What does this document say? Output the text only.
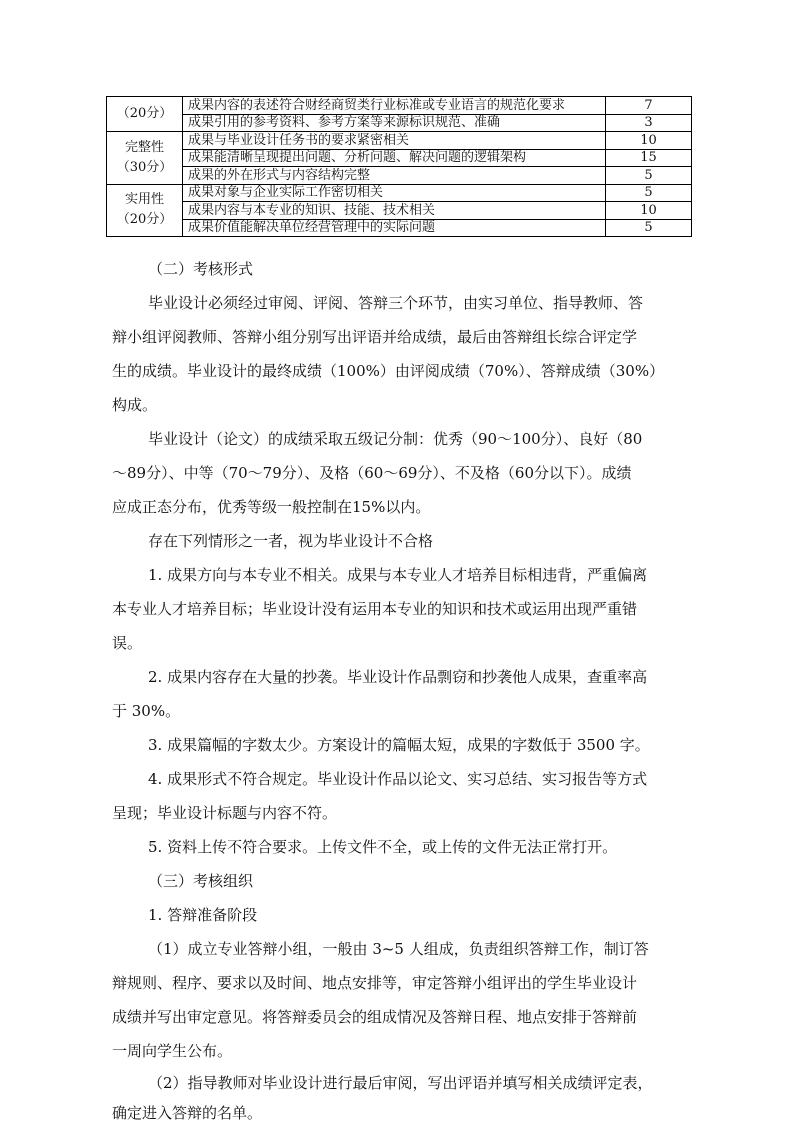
（20分）	成果内容的表述符合财经商贸类行业标准或专业语言的规范化要求	7
	成果引用的参考资料、参考方案等来源标识规范、准确	3

完整性
（30分）	成果与毕业设计任务书的要求紧密相关	10
	成果能清晰呈现提出问题、分析问题、解决问题的逻辑架构	15
	成果的外在形式与内容结构完整	5

实用性
（20分）	成果对象与企业实际工作密切相关	5
	成果内容与本专业的知识、技能、技术相关	10
	成果价值能解决单位经营管理中的实际问题	5

（二）考核形式

毕业设计必须经过审阅、评阅、答辩三个环节，由实习单位、指导教师、答
辩小组评阅教师、答辩小组分别写出评语并给成绩，最后由答辩组长综合评定学
生的成绩。毕业设计的最终成绩（100%）由评阅成绩（70%）、答辩成绩（30%）
构成。

毕业设计（论文）的成绩采取五级记分制：优秀（90～100分）、良好（80
～89分）、中等（70～79分）、及格（60～69分）、不及格（60分以下）。成绩
应成正态分布，优秀等级一般控制在15%以内。

存在下列情形之一者，视为毕业设计不合格

1. 成果方向与本专业不相关。成果与本专业人才培养目标相违背，严重偏离
本专业人才培养目标；毕业设计没有运用本专业的知识和技术或运用出现严重错
误。

2. 成果内容存在大量的抄袭。毕业设计作品剽窃和抄袭他人成果，查重率高
于 30%。

3. 成果篇幅的字数太少。方案设计的篇幅太短，成果的字数低于 3500 字。

4. 成果形式不符合规定。毕业设计作品以论文、实习总结、实习报告等方式
呈现；毕业设计标题与内容不符。

5. 资料上传不符合要求。上传文件不全，或上传的文件无法正常打开。

（三）考核组织

1. 答辩准备阶段

（1）成立专业答辩小组，一般由 3~5 人组成，负责组织答辩工作，制订答
辩规则、程序、要求以及时间、地点安排等，审定答辩小组评出的学生毕业设计
成绩并写出审定意见。将答辩委员会的组成情况及答辩日程、地点安排于答辩前
一周向学生公布。

（2）指导教师对毕业设计进行最后审阅，写出评语并填写相关成绩评定表，
确定进入答辩的名单。
